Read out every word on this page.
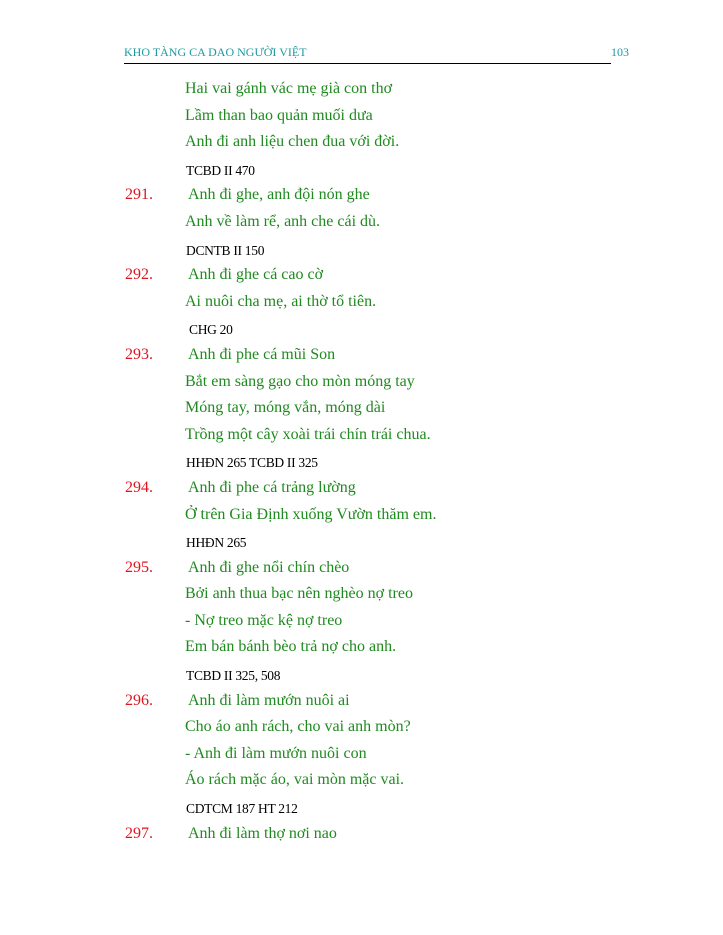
KHO TÀNG CA DAO NGƯỜI VIỆT	103
Hai vai gánh vác mẹ già con thơ
Lầm than bao quản muối dưa
Anh đi anh liệu chen đua với đời.
TCBD II 470
291. Anh đi ghe, anh đội nón ghe
Anh về làm rể, anh che cái dù.
DCNTB II 150
292. Anh đi ghe cá cao cờ
Ai nuôi cha mẹ, ai thờ tổ tiên.
CHG 20
293. Anh đi phe cá mũi Son
Bắt em sàng gạo cho mòn móng tay
Móng tay, móng vắn, móng dài
Trồng một cây xoài trái chín trái chua.
HHĐN 265 TCBD II 325
294. Anh đi phe cá trảng lường
Ở trên Gia Định xuống Vườn thăm em.
HHĐN 265
295. Anh đi ghe nổi chín chèo
Bởi anh thua bạc nên nghèo nợ treo
- Nợ treo mặc kệ nợ treo
Em bán bánh bèo trả nợ cho anh.
TCBD II 325, 508
296. Anh đi làm mướn nuôi ai
Cho áo anh rách, cho vai anh mòn?
- Anh đi làm mướn nuôi con
Áo rách mặc áo, vai mòn mặc vai.
CDTCM 187 HT 212
297. Anh đi làm thợ nơi nao
